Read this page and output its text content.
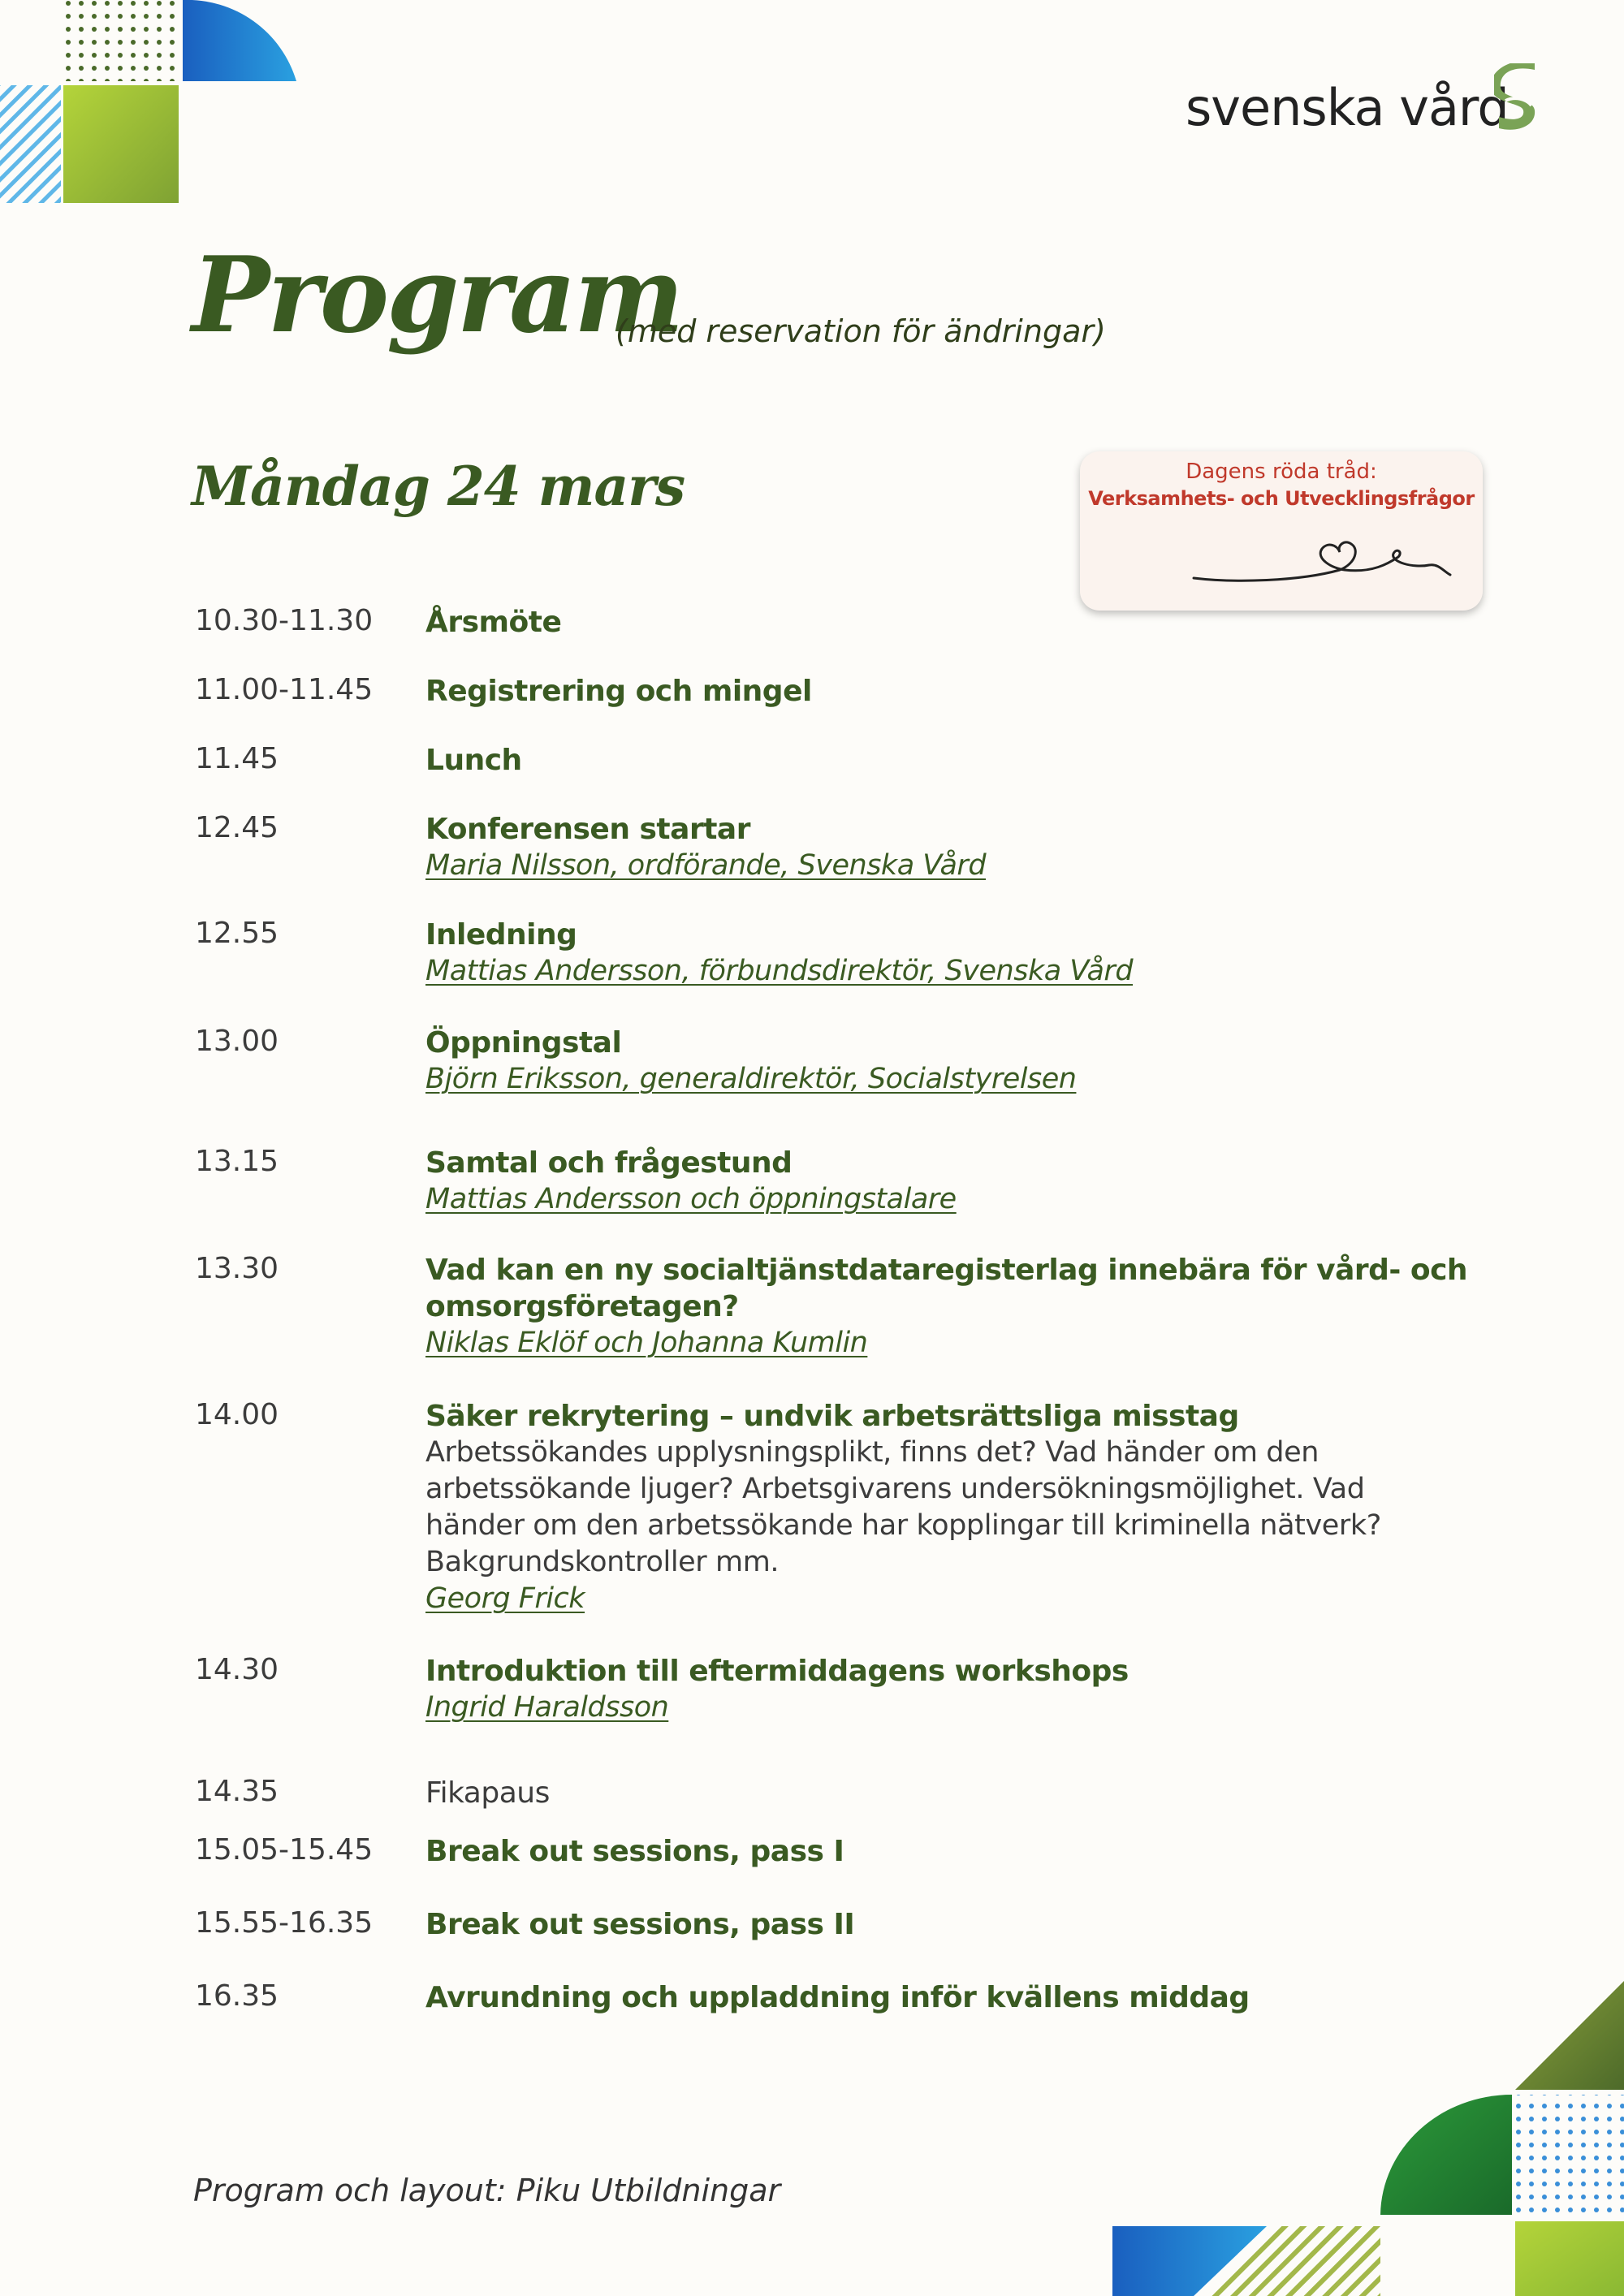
svenska vård
Program
(med reservation för ändringar)
Måndag 24 mars	Dagens röda tråd:
Verksamhets- och Utvecklingsfrågor
10.30-11.30 Årsmöte

11.00-11.45 Registrering och mingel

11.45	Lunch

12.45	Konferensen startar

Maria Nilsson, ordförande, Svenska Vård
12.55	Inledning

Mattias Andersson, förbundsdirektör, Svenska Vård
13.00	Öppningstal

Björn Eriksson, generaldirektör, Socialstyrelsen
13.15	Samtal och frågestund

Mattias Andersson och öppningstalare
13.30	Vad kan en ny socialtjänstdataregisterlag innebära för vård- och

omsorgsföretagen?

Niklas Eklöf och Johanna Kumlin
14.00	Säker rekrytering – undvik arbetsrättsliga misstag

Arbetssökandes upplysningsplikt, finns det? Vad händer om den

arbetssökande ljuger? Arbetsgivarens undersökningsmöjlighet. Vad

händer om den arbetssökande har kopplingar till kriminella nätverk?

Bakgrundskontroller mm.

Georg Frick
14.30	Introduktion till eftermiddagens workshops

Ingrid Haraldsson
14.35	Fikapaus

15.05-15.45 Break out sessions, pass I

15.55-16.35 Break out sessions, pass II

16.35	Avrundning och uppladdning inför kvällens middag

Program och layout: Piku Utbildningar
